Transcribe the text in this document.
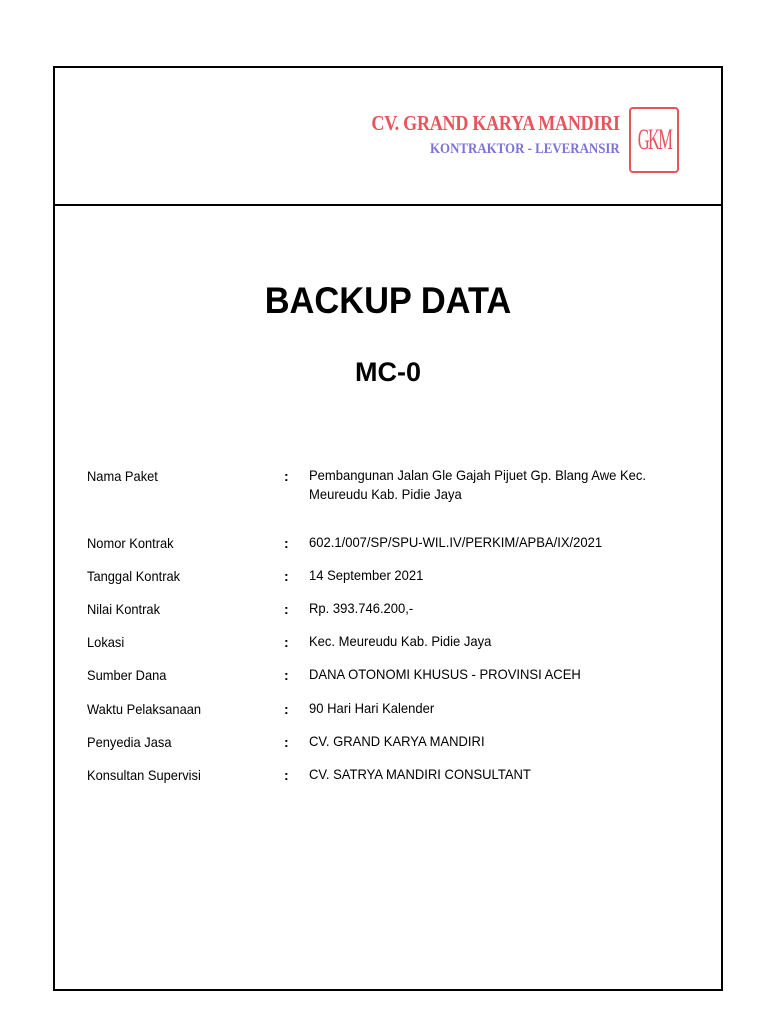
CV. GRAND KARYA MANDIRI
KONTRAKTOR - LEVERANSIR GKM
BACKUP DATA
MC-0
Nama Paket	: Pembangunan Jalan Gle Gajah Pijuet Gp. Blang Awe Kec. Meureudu Kab. Pidie Jaya
Nomor Kontrak	: 602.1/007/SP/SPU-WIL.IV/PERKIM/APBA/IX/2021
Tanggal Kontrak	: 14 September 2021
Nilai Kontrak	: Rp. 393.746.200,-
Lokasi	: Kec. Meureudu Kab. Pidie Jaya
Sumber Dana	: DANA OTONOMI KHUSUS - PROVINSI ACEH
Waktu Pelaksanaan	: 90 Hari Hari Kalender
Penyedia Jasa	: CV. GRAND KARYA MANDIRI
Konsultan Supervisi	: CV. SATRYA MANDIRI CONSULTANT
